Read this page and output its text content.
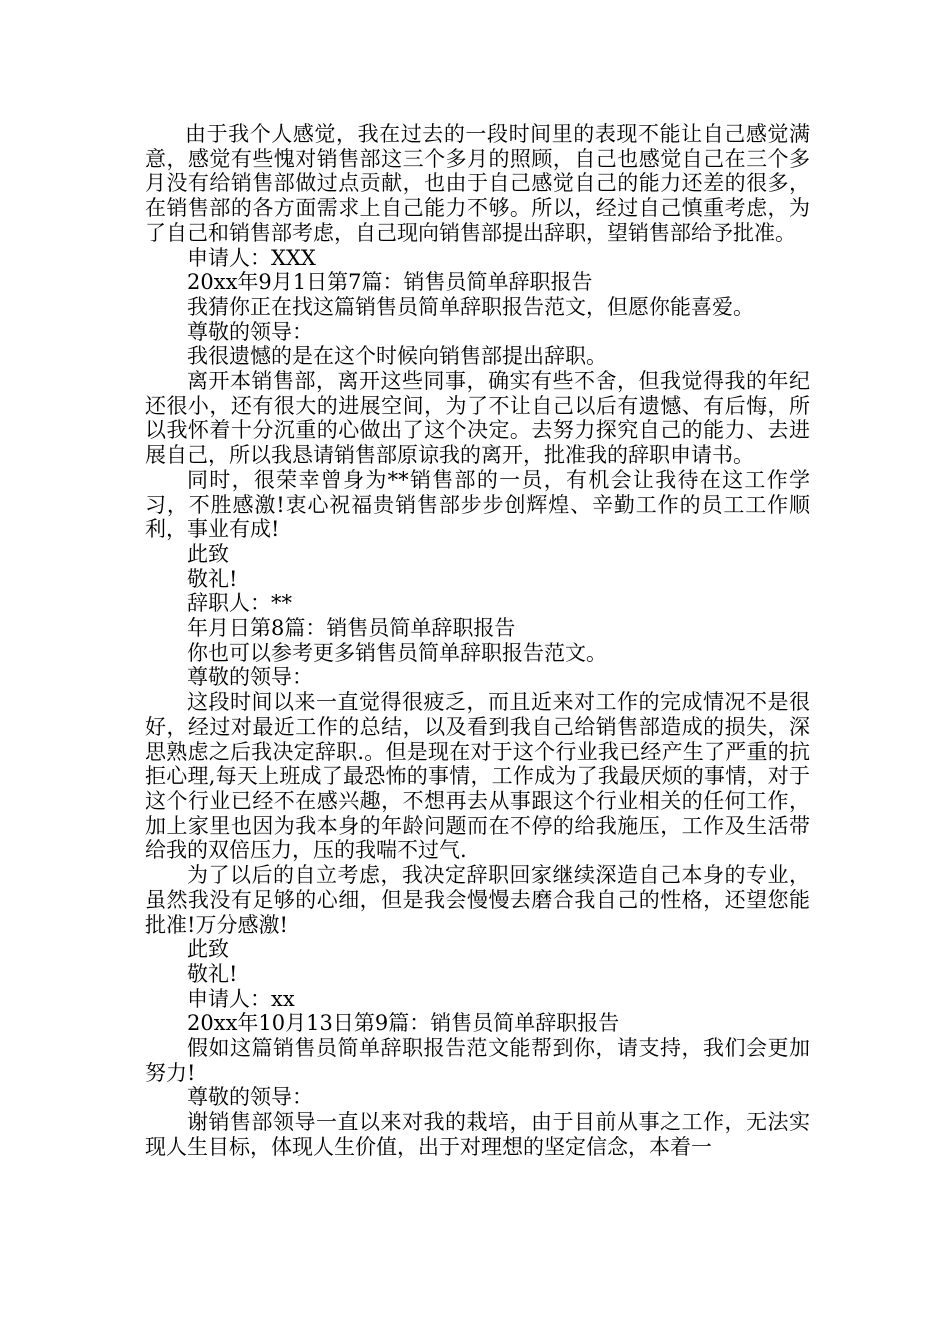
由于我个人感觉，我在过去的一段时间里的表现不能让自己感觉满意，感觉有些愧对销售部这三个多月的照顾，自己也感觉自己在三个多月没有给销售部做过点贡献，也由于自己感觉自己的能力还差的很多，在销售部的各方面需求上自己能力不够。所以，经过自己慎重考虑，为了自己和销售部考虑，自己现向销售部提出辞职，望销售部给予批准。

申请人：XXX

20xx年9月1日第7篇：销售员简单辞职报告

我猜你正在找这篇销售员简单辞职报告范文，但愿你能喜爱。

尊敬的领导：

我很遗憾的是在这个时候向销售部提出辞职。

离开本销售部，离开这些同事，确实有些不舍，但我觉得我的年纪还很小，还有很大的进展空间，为了不让自己以后有遗憾、有后悔，所以我怀着十分沉重的心做出了这个决定。去努力探究自己的能力、去进展自己，所以我恳请销售部原谅我的离开，批准我的辞职申请书。

同时，很荣幸曾身为**销售部的一员，有机会让我待在这工作学习，不胜感激!衷心祝福贵销售部步步创辉煌、辛勤工作的员工工作顺利，事业有成!

此致

敬礼!

辞职人：**

年月日第8篇：销售员简单辞职报告

你也可以参考更多销售员简单辞职报告范文。

尊敬的领导：

这段时间以来一直觉得很疲乏，而且近来对工作的完成情况不是很好，经过对最近工作的总结，以及看到我自己给销售部造成的损失，深思熟虑之后我决定辞职.。但是现在对于这个行业我已经产生了严重的抗拒心理,每天上班成了最恐怖的事情，工作成为了我最厌烦的事情，对于这个行业已经不在感兴趣，不想再去从事跟这个行业相关的任何工作，加上家里也因为我本身的年龄问题而在不停的给我施压，工作及生活带给我的双倍压力，压的我喘不过气.

为了以后的自立考虑，我决定辞职回家继续深造自己本身的专业，虽然我没有足够的心细，但是我会慢慢去磨合我自己的性格，还望您能批准!万分感激!

此致

敬礼!

申请人：xx

20xx年10月13日第9篇：销售员简单辞职报告

假如这篇销售员简单辞职报告范文能帮到你，请支持，我们会更加努力!

尊敬的领导：

谢销售部领导一直以来对我的栽培，由于目前从事之工作，无法实现人生目标，体现人生价值，出于对理想的坚定信念，本着一
